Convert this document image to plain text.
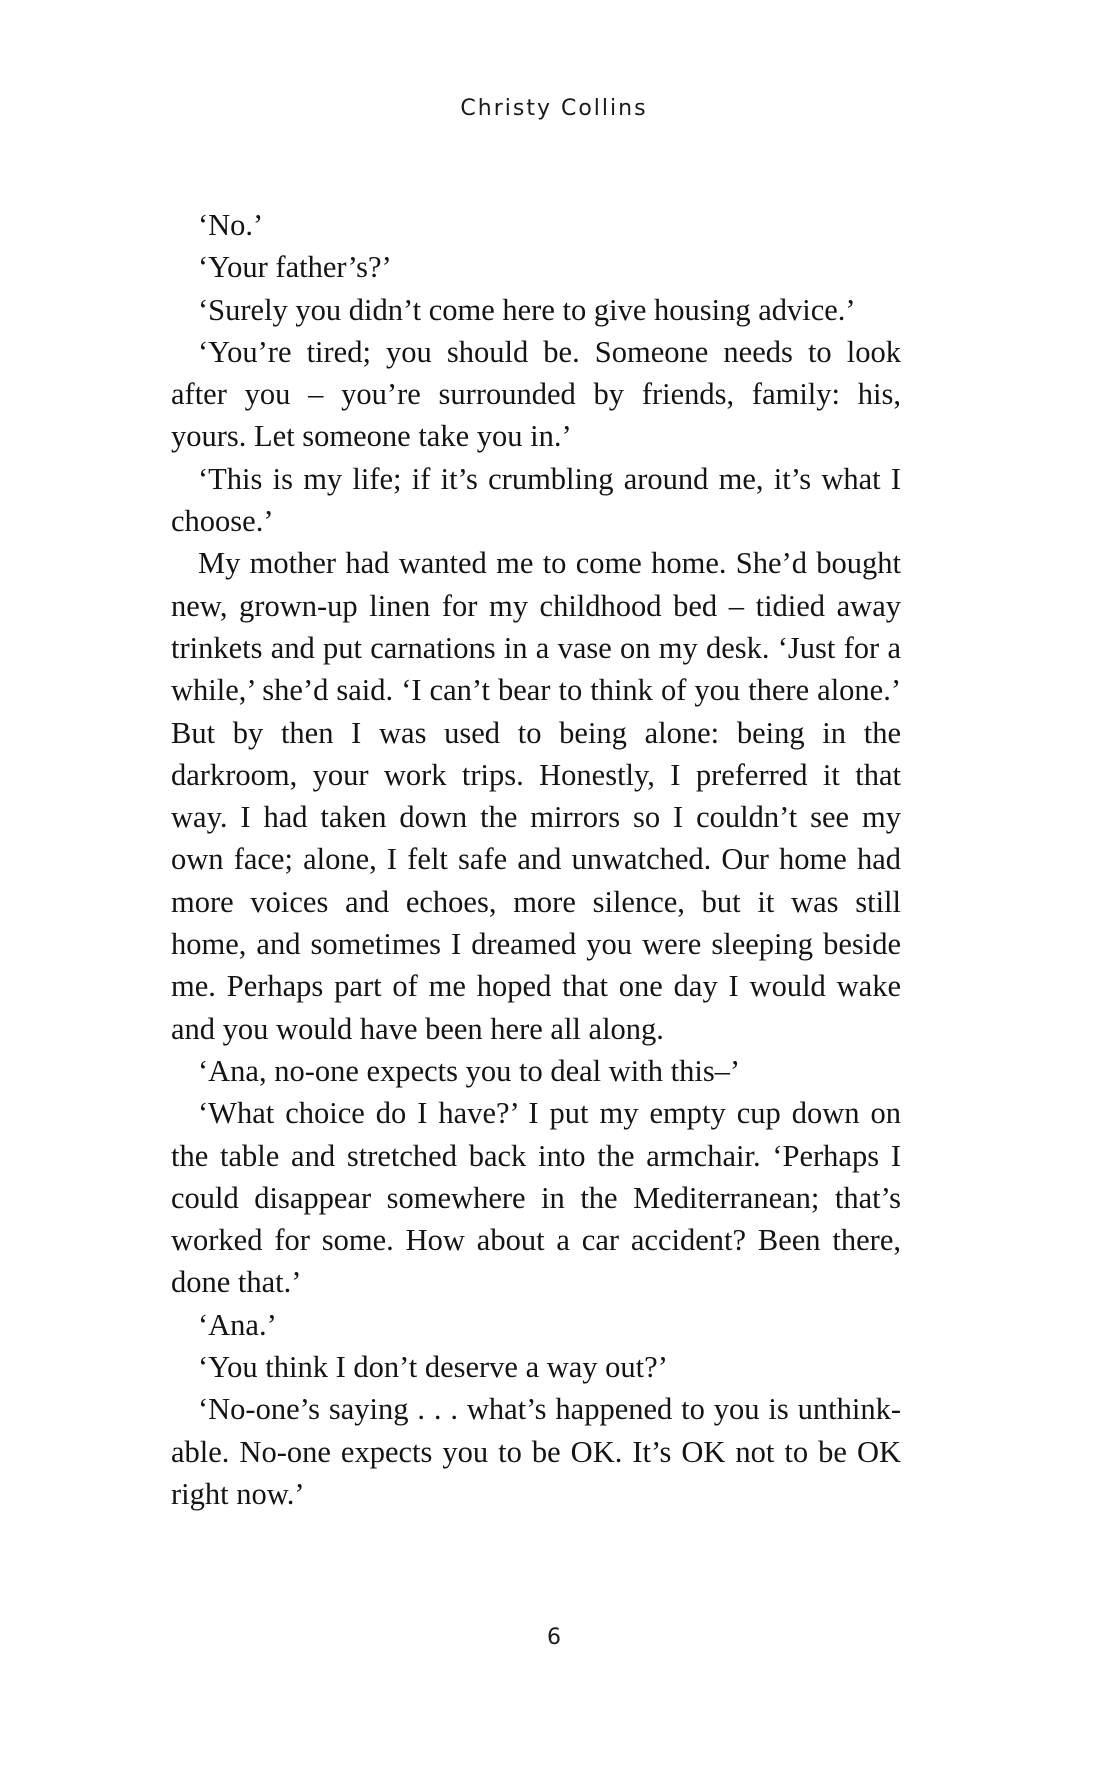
Christy Collins

‘No.’

‘Your father’s?’

‘Surely you didn’t come here to give housing advice.’

‘You’re tired; you should be. Someone needs to look after you – you’re surrounded by friends, family: his, yours. Let someone take you in.’

‘This is my life; if it’s crumbling around me, it’s what I choose.’

My mother had wanted me to come home. She’d bought new, grown-up linen for my childhood bed – tidied away trinkets and put carnations in a vase on my desk. ‘Just for a while,’ she’d said. ‘I can’t bear to think of you there alone.’ But by then I was used to being alone: being in the darkroom, your work trips. Honestly, I preferred it that way. I had taken down the mirrors so I couldn’t see my own face; alone, I felt safe and unwatched. Our home had more voices and echoes, more silence, but it was still home, and sometimes I dreamed you were sleeping beside me. Perhaps part of me hoped that one day I would wake and you would have been here all along.

‘Ana, no-one expects you to deal with this–’

‘What choice do I have?’ I put my empty cup down on the table and stretched back into the armchair. ‘Perhaps I could disappear somewhere in the Mediterranean; that’s worked for some. How about a car accident? Been there, done that.’

‘Ana.’

‘You think I don’t deserve a way out?’

‘No-one’s saying . . . what’s happened to you is unthinkable. No-one expects you to be OK. It’s OK not to be OK right now.’

6
